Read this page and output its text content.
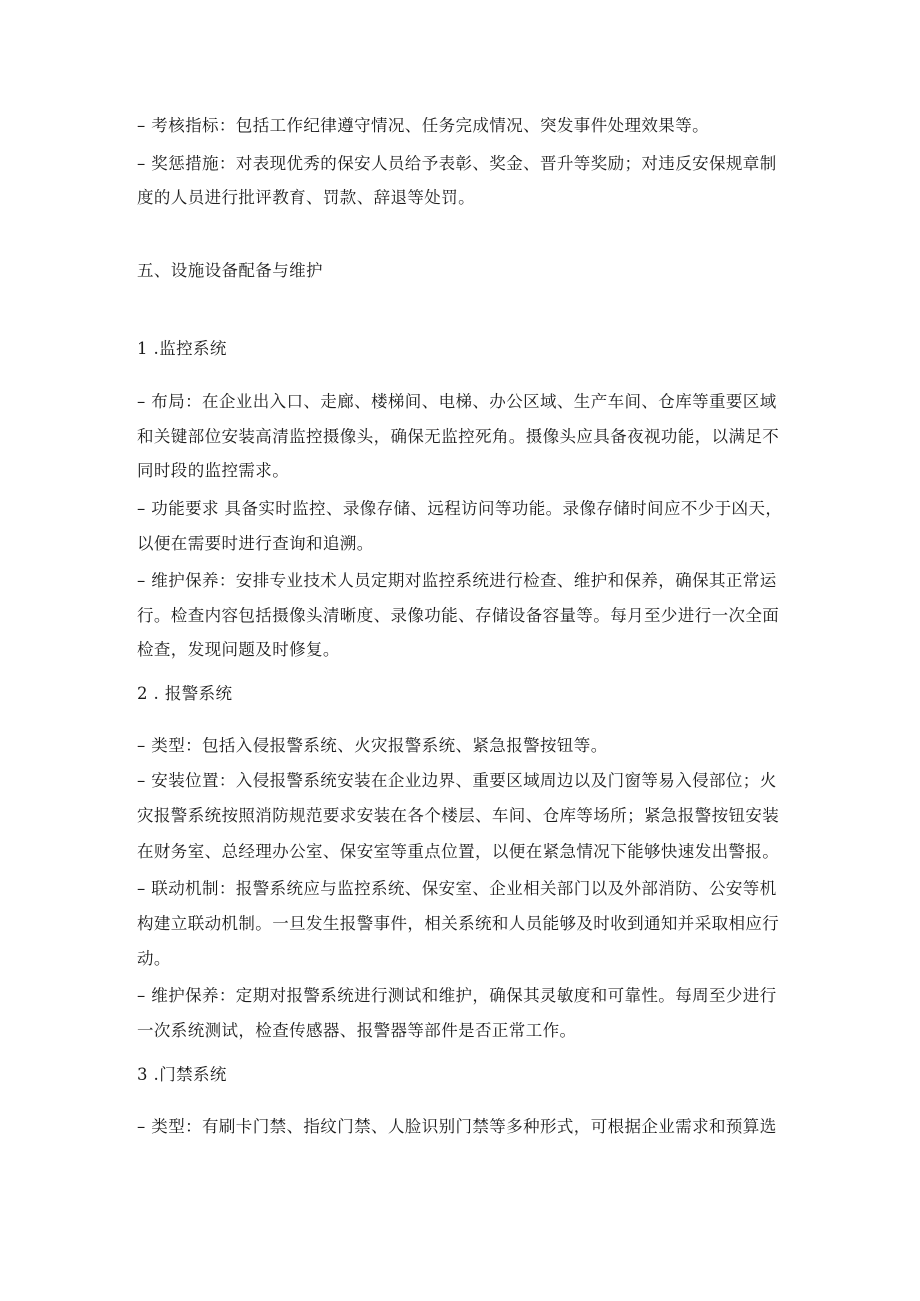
– 考核指标：包括工作纪律遵守情况、任务完成情况、突发事件处理效果等。
– 奖惩措施：对表现优秀的保安人员给予表彰、奖金、晋升等奖励；对违反安保规章制
度的人员进行批评教育、罚款、辞退等处罚。
五、设施设备配备与维护
1 .监控系统
– 布局：在企业出入口、走廊、楼梯间、电梯、办公区域、生产车间、仓库等重要区域
和关键部位安装高清监控摄像头，确保无监控死角。摄像头应具备夜视功能，以满足不
同时段的监控需求。
– 功能要求 具备实时监控、录像存储、远程访问等功能。录像存储时间应不少于凶天，
以便在需要时进行查询和追溯。
– 维护保养：安排专业技术人员定期对监控系统进行检查、维护和保养，确保其正常运
行。检查内容包括摄像头清晰度、录像功能、存储设备容量等。每月至少进行一次全面
检查，发现问题及时修复。
2 . 报警系统
– 类型：包括入侵报警系统、火灾报警系统、紧急报警按钮等。
– 安装位置：入侵报警系统安装在企业边界、重要区域周边以及门窗等易入侵部位；火
灾报警系统按照消防规范要求安装在各个楼层、车间、仓库等场所；紧急报警按钮安装
在财务室、总经理办公室、保安室等重点位置，以便在紧急情况下能够快速发出警报。
– 联动机制：报警系统应与监控系统、保安室、企业相关部门以及外部消防、公安等机
构建立联动机制。一旦发生报警事件，相关系统和人员能够及时收到通知并采取相应行
动。
– 维护保养：定期对报警系统进行测试和维护，确保其灵敏度和可靠性。每周至少进行
一次系统测试，检查传感器、报警器等部件是否正常工作。
3 .门禁系统
– 类型：有刷卡门禁、指纹门禁、人脸识别门禁等多种形式，可根据企业需求和预算选
